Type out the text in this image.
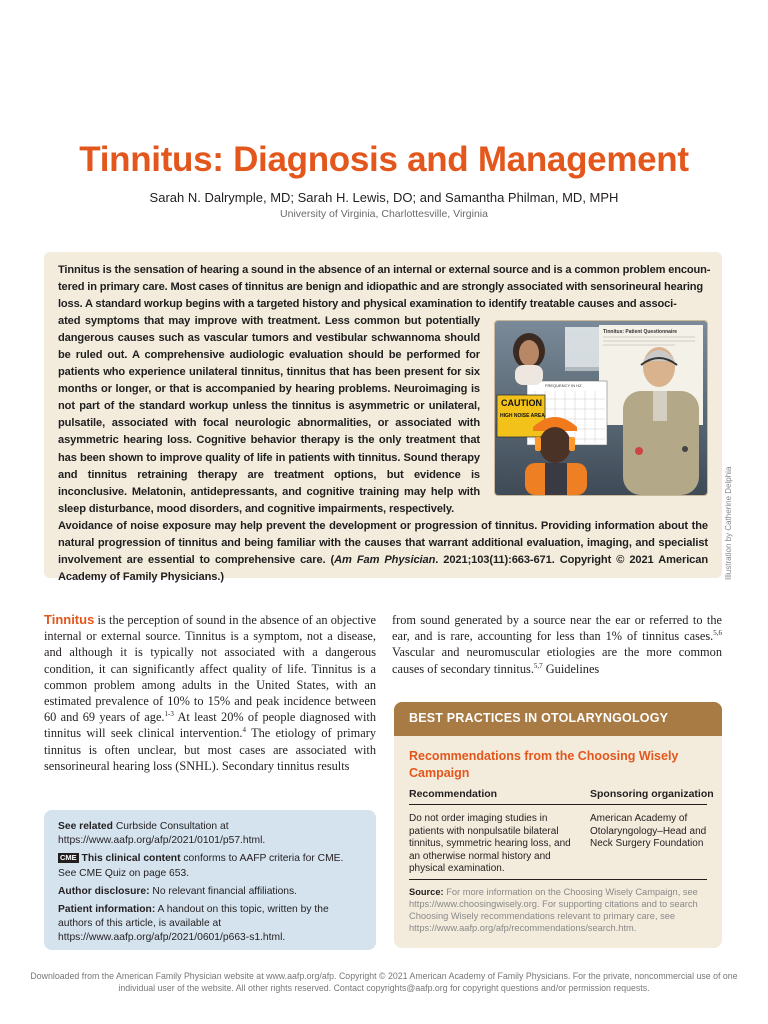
Tinnitus: Diagnosis and Management
Sarah N. Dalrymple, MD; Sarah H. Lewis, DO; and Samantha Philman, MD, MPH
University of Virginia, Charlottesville, Virginia

Tinnitus is the sensation of hearing a sound in the absence of an internal or external source and is a common problem encoun-

tered in primary care. Most cases of tinnitus are benign and idiopathic and are strongly associated with sensorineural hearing

loss. A standard workup begins with a targeted history and physical examination to identify treatable causes and associ-

ated symptoms that may improve with treatment. Less common but potentially dangerous causes such as vascular tumors and vestibular schwannoma should be ruled out. A comprehensive audiologic evaluation should be performed for patients who experience unilateral tinnitus, tinnitus that has been present for six months or longer, or that is accompanied by hearing problems. Neuroimaging is not part of the standard workup unless the tinnitus is asymmetric or unilateral, pulsatile, associated with focal neurologic abnormalities, or associated with asymmetric hearing loss. Cognitive behavior therapy is the only treatment that has been shown to improve quality of life in patients with tinnitus. Sound therapy and tinnitus retraining therapy are treatment options, but evidence is inconclusive. Melatonin, antidepressants, and cognitive training may help with sleep disturbance, mood disorders, and cognitive impairments, respectively.

Avoidance of noise exposure may help prevent the development or progression of tinnitus. Providing information about the natural progression of tinnitus and being familiar with the causes that warrant additional evaluation, imaging, and specialist involvement are essential to comprehensive care. (Am Fam Physician. 2021;103(11):663-671. Copyright © 2021 American Academy of Family Physicians.)

Tinnitus: Patient Questionnaire
FREQUENCY IN HZ
CAUTION
HIGH NOISE AREA
Illustration by Catherine Delphia
Tinnitus is the perception of sound in the absence of an objective internal or external source. Tinnitus is a symptom, not a disease, and although it is typically not associated with a dangerous condition, it can significantly affect quality of life. Tinnitus is a common problem among adults in the United States, with an estimated prevalence of 10% to 15% and peak incidence between 60 and 69 years of age.$^{1-3}$ At least 20% of people diagnosed with tinnitus will seek clinical intervention.$^4$ The etiology of primary tinnitus is often unclear, but most cases are associated with sensorineural hearing loss (SNHL). Secondary tinnitus results
from sound generated by a source near the ear or referred to the ear, and is rare, accounting for less than 1% of tinnitus cases.$^{5,6}$ Vascular and neuromuscular etiologies are the more common causes of secondary tinnitus.$^{5,7}$ Guidelines

See related Curbside Consultation at https://www.aafp.org/afp/2021/0101/p57.html.

CME This clinical content conforms to AAFP criteria for CME. See CME Quiz on page 653.

Author disclosure: No relevant financial affiliations.

Patient information: A handout on this topic, written by the authors of this article, is available at https://www.aafp.org/afp/2021/0601/p663-s1.html.

BEST PRACTICES IN OTOLARYNGOLOGY
Recommendations from the Choosing Wisely Campaign
Recommendation	Sponsoring organization
Do not order imaging studies in patients with nonpulsatile bilateral tinnitus, symmetric hearing loss, and an otherwise normal history and physical examination.
American Academy of Otolaryngology–Head and Neck Surgery Foundation
Source: For more information on the Choosing Wisely Campaign, see https://www.choosingwisely.org. For supporting citations and to search Choosing Wisely recommendations relevant to primary care, see https://www.aafp.org/afp/recommendations/search.htm.
Downloaded from the American Family Physician website at www.aafp.org/afp. Copyright © 2021 American Academy of Family Physicians. For the private, noncommercial use of one individual user of the website. All other rights reserved. Contact copyrights@aafp.org for copyright questions and/or permission requests.
